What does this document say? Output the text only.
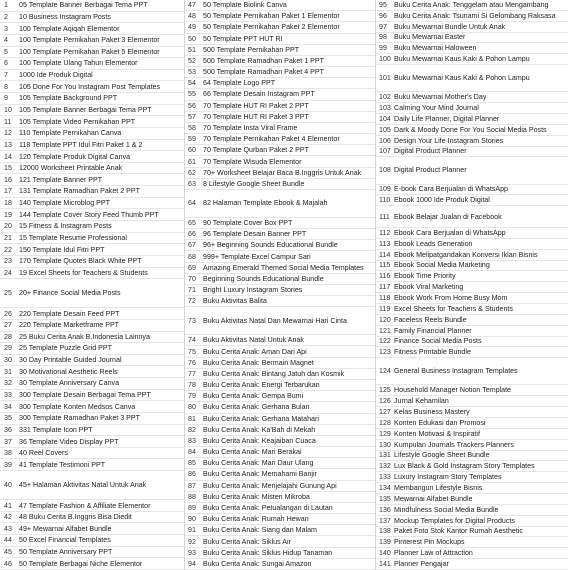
1	05 Template Banner Berbagai Tema PPT
2	10 Business Instagram Posts
3	100 Template Aqiqah Elementor
4	100 Template Pernikahan Paket 3 Elementor
5	100 Template Pernikahan Paket 5 Elementor
6	100 Template Ulang Tahun Elementor
7	1000 Ide Produk Digital
8	105 Done For You Instagram Post Templates
9	105 Template Background PPT
10	105 Template Banner Berbagai Tema PPT
11	105 Template Video Pernikahan PPT
12	110 Template Pernikahan Canva
13	118 Template PPT Idul Fitri Paket 1 & 2
14	120 Template Produk Digital Canva
15	12000 Worksheet Printable Anak
16	121 Template Banner PPT
17	131 Template Ramadhan Paket 2 PPT
18	140 Template Microblog PPT
19	144 Template Cover Story Feed Thumb PPT
20	15 Fitness & Instagram Posts
21	15 Template Resume Professional
22	150 Template Idul Fitri PPT
23	170 Template Quotes Black White PPT
24	19 Excel Sheets for Teachers & Students
25	20+ Finance Social Media Posts
26	220 Template Desain Feed PPT
27	220 Template Marketframe PPT
28	25 Buku Cerita Anak B.Indonesia Lainnya
29	25 Template Puzzle Grid PPT
30	30 Day Printable Guided Journal
31	30 Motivational Aesthetic Reels
32	30 Template Anniversary Canva
33	300 Template Desain Berbagai Tema PPT
34	300 Template Konten Medsos Canva
35	300 Template Ramadhan Paket 3 PPT
36	331 Template Icon PPT
37	36 Template Video Display PPT
38	40 Reel Covers
39	41 Template Testimoni PPT
40	45+ Halaman Aktivitas Natal Untuk Anak
41	47 Template Fashion & Affiliate Elementor
42	48 Buku Cerita B.Inggris Bisa Diedit
43	49+ Mewarnai Alfabet Bundle
44	50 Excel Financial Templates
45	50 Template Anniversary PPT
46	50 Template Berbagai Niche Elementor
47	50 Template Biolink Canva
48	50 Template Pernikahan Paket 1 Elementor
49	50 Template Pernikahan Paket 2 Elementor
50	50 Template PPT HUT RI
51	500 Template Pernikahan PPT
52	500 Template Ramadhan Paket 1 PPT
53	500 Template Ramadhan Paket 4 PPT
54	64 Template Logo PPT
55	66 Template Desain Instagram PPT
56	70 Template HUT RI Paket 2 PPT
57	70 Template HUT RI Paket 3 PPT
58	70 Template Insta Viral Frame
59	70 Template Pernikahan Paket 4 Elementor
60	70 Template Qurban Paket 2 PPT
61	70 Template Wisuda Elementor
62	70+ Worksheet Belajar Baca B.Inggris Untuk Anak
63	8 Lifestyle Google Sheet Bundle
64	82 Halaman Template Ebook & Majalah
65	90 Template Cover Box PPT
66	96 Template Desain Banner PPT
67	96+ Beginning Sounds Educational Bundle
68	999+ Template Excel Campur Sari
69	Amazing Emerald Themed Social Media Templates
70	Beginning Sounds Educational Bundle
71	Bright Luxury Instagram Stories
72	Buku Aktivitas Balita
73	Buku Aktivitas Natal Dan Mewarnai Hari Cinta
74	Buku Aktivitas Natal Untuk Anak
75	Buku Cerita Anak: Aman Dari Api
76	Buku Cerita Anak: Bermain Magnet
77	Buku Cerita Anak: Bintang Jatuh dan Kosmik
78	Buku Cerita Anak: Energi Terbarukan
79	Buku Cerita Anak: Gempa Bumi
80	Buku Cerita Anak: Gerhana Bulan
81	Buku Cerita Anak: Gerhana Matahari
82	Buku Cerita Anak: Ka'Bah di Mekah
83	Buku Cerita Anak: Keajaiban Cuaca
84	Buku Cerita Anak: Mari Berakai
85	Buku Cerita Anak: Mari Daur Ulang
86	Buku Cerita Anak: Memahami Banjir
87	Buku Cerita Anak: Menjelajahi Gunung Api
88	Buku Cerita Anak: Misteri Mikroba
89	Buku Cerita Anak: Petualangan di Lautan
90	Buku Cerita Anak: Rumah Hewan
91	Buku Cerita Anak: Siang dan Malam
92	Buku Cerita Anak: Siklus Air
93	Buku Cerita Anak: Siklus Hidup Tanaman
94	Buku Cerita Anak: Sungai Amazon
95	Buku Cerita Anak: Tenggelam atau Mengambang
96	Buku Cerita Anak: Tsunami Si Gelombang Raksasa
97	Buku Mewarnai Bundle Untuk Anak
98	Buku Mewarnai Easter
99	Buku Mewarnai Haloween
100 Buku Mewarnai Kaus Kaki & Pohon Lampu
101 Buku Mewarnai Kaus Kaki & Pohon Lampu
102 Buku Mewarnai Mother's Day
103 Calming Your Mind Journal
104 Daily Life Planner, Digital Planner
105 Dark & Moody Done For You Social Media Posts
106 Design Your Life Instagram Stories
107 Digital Product Planner
108 Digital Product Planner
109 E-book Cara Berjualan di WhatsApp
110 Ebook 1000 Ide Produk Digital
111 Ebook Belajar Jualan di Facebook
112 Ebook Cara Berjualan di WhatsApp
113 Ebook Leads Generation
114 Ebook Melipatgandakan Konversi Iklan Bisnis
115 Ebook Social Media Marketing
116 Ebook Time Priority
117 Ebook Viral Marketing
118 Ebook Work From Home Busy Mom
119 Excel Sheets for Teachers & Students
120 Faceless Reels Bundle
121 Family Financial Planner
122 Finance Social Media Posts
123 Fitness Printable Bundle
124 General Business Instagram Templates
125 Household Manager Notion Template
126 Jurnal Kehamilan
127 Kelas Business Mastery
128 Konten Edukasi dan Promosi
129 Konten Motivasi & Inspiratif
130 Kumpulan Journals Trackers Planners
131 Lifestyle Google Sheet Bundle
132 Lux Black & Gold Instagram Story Templates
133 Luxury Instagram Story Templates
134 Membangun Lifestyle Bisnis
135 Mewarnai Alfabet Bundle
136 Mindfulness Social Media Bundle
137 Mockup Templates for Digital Products
138 Paket Foto Stok Kantor Rumah Aesthetic
139 Pinterest Pin Mockups
140 Planner Law of Attraction
141 Planner Pengajar
